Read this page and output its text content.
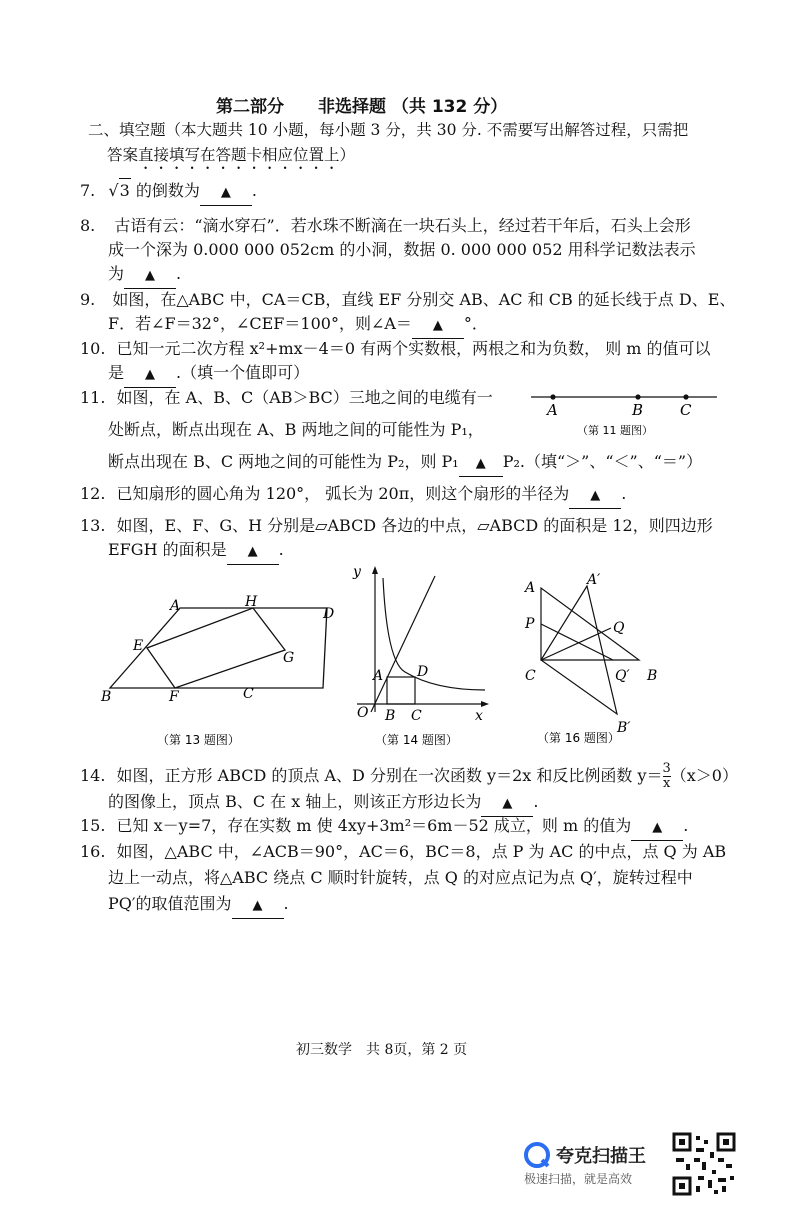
第二部分　　非选择题 （共 132 分）
二、填空题（本大题共 10 小题，每小题 3 分，共 30 分. 不需要写出解答过程，只需把
答案直接填写在答题卡相应位置上）
7. √3 的倒数为 ▲ .
8. 古语有云：“滴水穿石”．若水珠不断滴在一块石头上，经过若干年后，石头上会形
成一个深为 0.000 000 052cm 的小洞，数据 0. 000 000 052 用科学记数法表示
为 ▲ .
9. 如图，在△ABC 中，CA＝CB，直线 EF 分别交 AB、AC 和 CB 的延长线于点 D、E、
F．若∠F＝32°，∠CEF＝100°，则∠A＝ ▲ °．
10. 已知一元二次方程 x²+mx－4＝0 有两个实数根，两根之和为负数， 则 m 的值可以
是 ▲ .（填一个值即可）
11. 如图，在 A、B、C（AB＞BC）三地之间的电缆有一
处断点，断点出现在 A、B 两地之间的可能性为 P₁，
断点出现在 B、C 两地之间的可能性为 P₂，则 P₁ ▲ P₂.（填“＞”、“＜”、“＝”）
A	B C
（第 11 题图）
12. 已知扇形的圆心角为 120°， 弧长为 20π，则这个扇形的半径为 ▲ .
13. 如图，E、F、G、H 分别是▱ABCD 各边的中点，▱ABCD 的面积是 12，则四边形
EFGH 的面积是 ▲ .
A	H
D
E
G
B	F	C
（第 13 题图）
y
A D
O B C	x
（第 14 题图）
A	A′
P	Q
C	Q′ B
B′
（第 16 题图）
14. 如图，正方形 ABCD 的顶点 A、D 分别在一次函数 y＝2x 和反比例函数 $y= \frac{3}{x} (x>0)$
的图像上，顶点 B、C 在 x 轴上，则该正方形边长为 ▲ .
15. 已知 x－y=7，存在实数 m 使 4xy+3m²＝6m－52 成立，则 m 的值为 ▲ .
16. 如图，△ABC 中，∠ACB＝90°，AC＝6，BC＝8，点 P 为 AC 的中点，点 Q 为 AB
边上一动点，将△ABC 绕点 C 顺时针旋转，点 Q 的对应点记为点 Q′，旋转过程中
PQ′的取值范围为 ▲ .
初三数学　共 8页，第 2 页
夸克扫描王
极速扫描，就是高效
